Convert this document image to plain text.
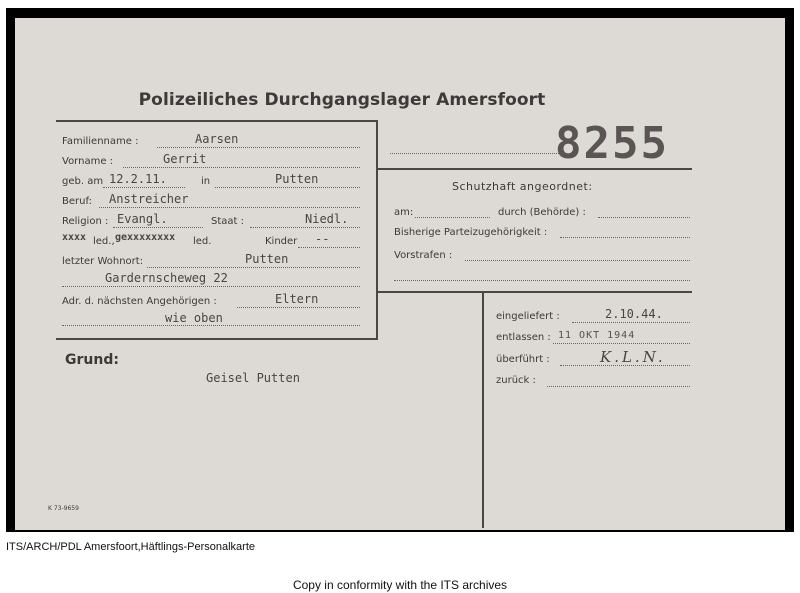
Polizeiliches Durchgangslager Amersfoort
Familienname :	Aarsen
Vorname :	Gerrit
geb. am 12.2.11.	in	Putten
Beruf: Anstreicher
Religion : Evangl.	Staat :	Niedl.
xxxx led., gexxxxxxxx led.	Kinder --
letzter Wohnort:	Putten
Gardernscheweg 22
Adr. d. nächsten Angehörigen :	Eltern
wie oben
8255
Schutzhaft angeordnet:
am:	durch (Behörde) :
Bisherige Parteizugehörigkeit :
Vorstrafen :
eingeliefert :	2.10.44.
entlassen : 11 OKT 1944
überführt :	K.L.N.
zurück :
Grund:
Geisel Putten
K 73-9659
ITS/ARCH/PDL Amersfoort,Häftlings-Personalkarte
Copy in conformity with the ITS archives
